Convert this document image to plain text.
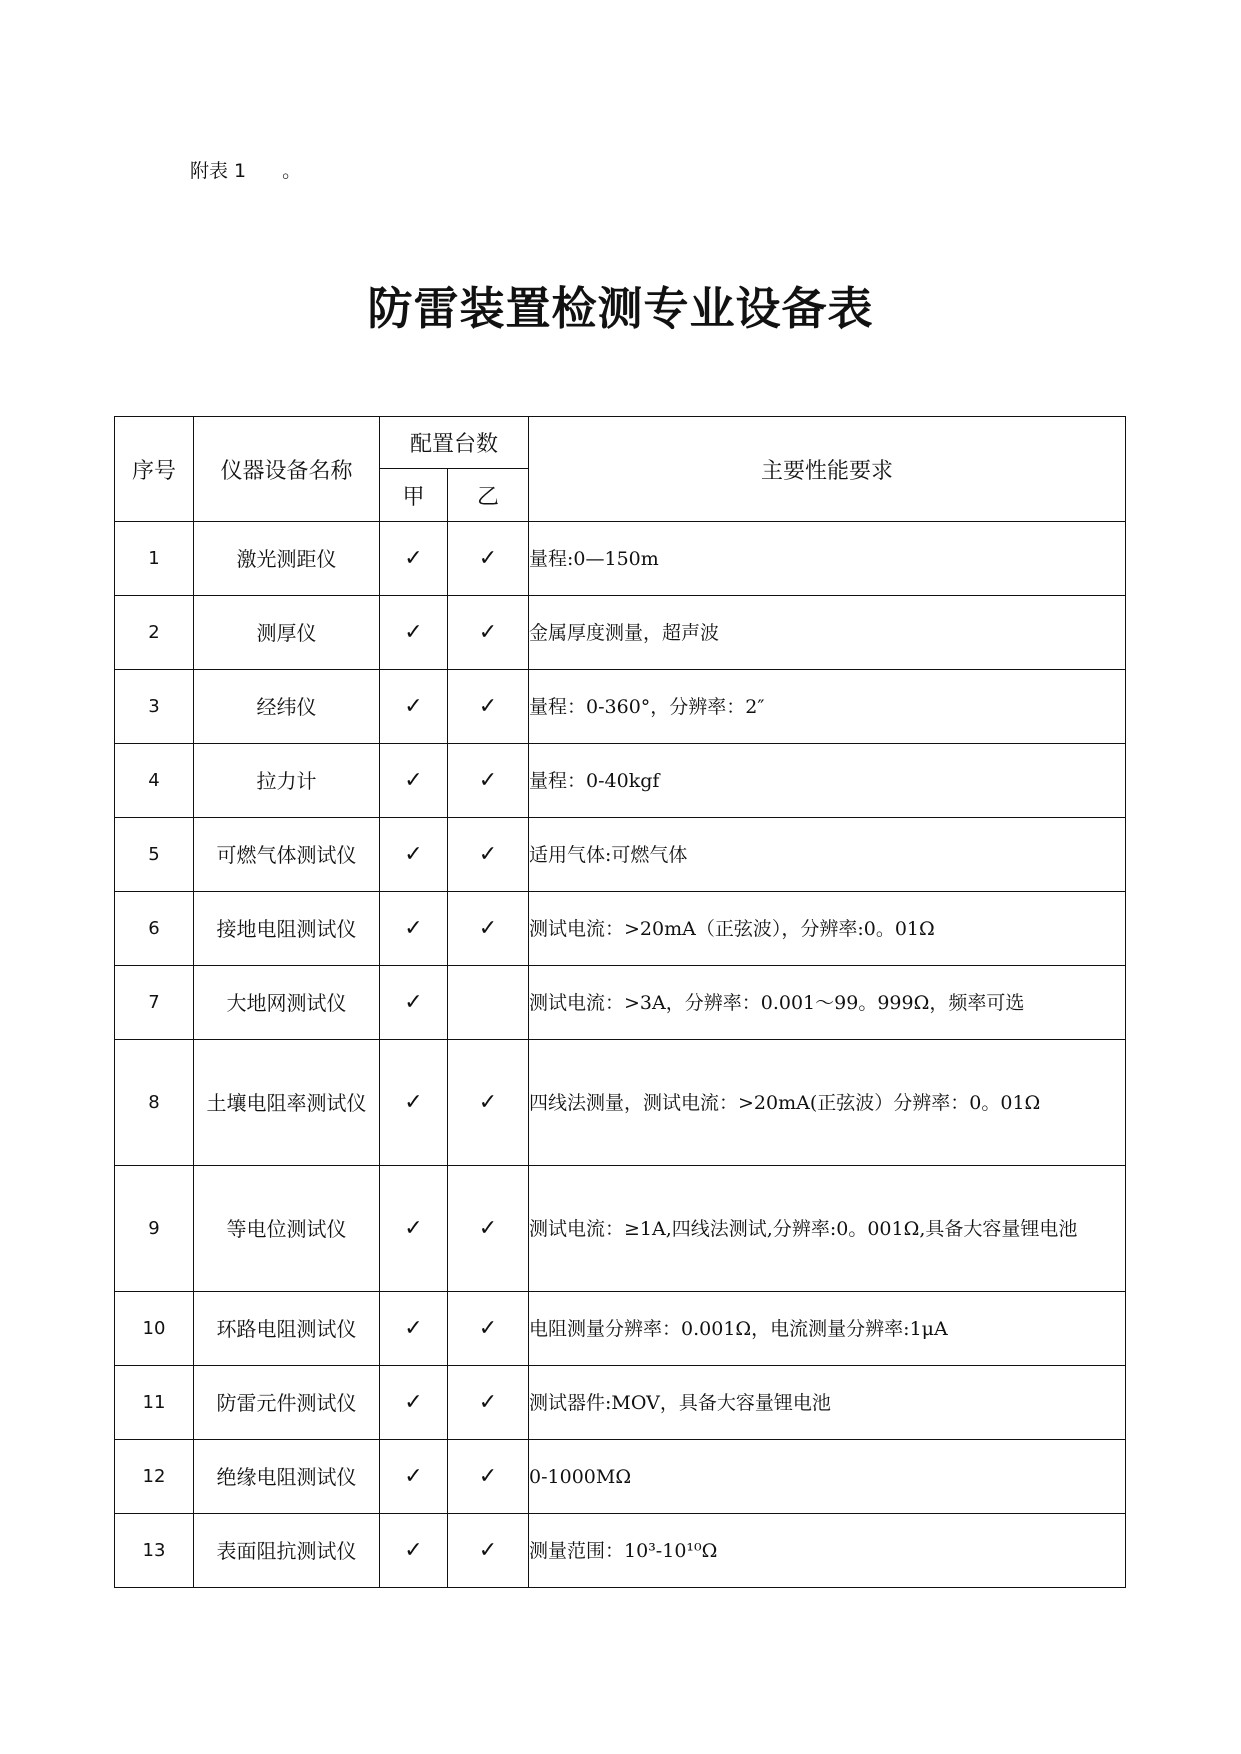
附表 1 。
防雷装置检测专业设备表
序号	仪器设备名称	配置台数		主要性能要求
		甲	乙	
1	激光测距仪	✓	✓	量程:0—150m
2	测厚仪	✓	✓	金属厚度测量，超声波
3	经纬仪	✓	✓	量程：0-360°，分辨率：2″
4	拉力计	✓	✓	量程：0-40kgf
5	可燃气体测试仪	✓	✓	适用气体:可燃气体
6	接地电阻测试仪	✓	✓	测试电流：>20mA（正弦波），分辨率:0。01Ω
7	大地网测试仪	✓		测试电流：>3A，分辨率：0.001～99。999Ω，频率可选
8	土壤电阻率测试仪	✓	✓	四线法测量，测试电流：>20mA(正弦波）分辨率：0。01Ω
9	等电位测试仪	✓	✓	测试电流：≥1A,四线法测试,分辨率:0。001Ω,具备大容量锂电池
10	环路电阻测试仪	✓	✓	电阻测量分辨率：0.001Ω，电流测量分辨率:1μA
11	防雷元件测试仪	✓	✓	测试器件:MOV，具备大容量锂电池
12	绝缘电阻测试仪	✓	✓	0-1000MΩ
13	表面阻抗测试仪	✓	✓	测量范围：10³-10¹⁰Ω
